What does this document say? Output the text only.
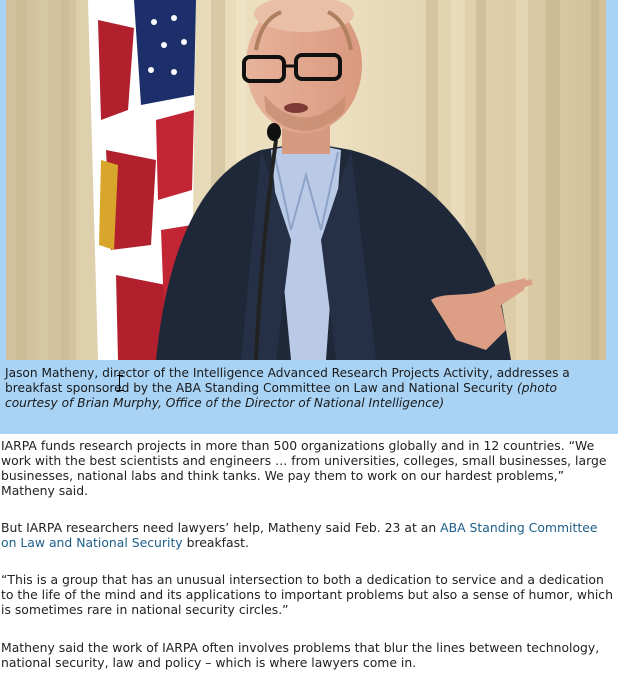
Jason Matheny, director of the Intelligence Advanced Research Projects Activity, addresses a breakfast sponsored by the ABA Standing Committee on Law and National Security (photo courtesy of Brian Murphy, Office of the Director of National Intelligence)

IARPA funds research projects in more than 500 organizations globally and in 12 countries. “We work with the best scientists and engineers … from universities, colleges, small businesses, large businesses, national labs and think tanks. We pay them to work on our hardest problems,” Matheny said.

But IARPA researchers need lawyers’ help, Matheny said Feb. 23 at an ABA Standing Committee on Law and National Security breakfast.

“This is a group that has an unusual intersection to both a dedication to service and a dedication to the life of the mind and its applications to important problems but also a sense of humor, which is sometimes rare in national security circles.”

Matheny said the work of IARPA often involves problems that blur the lines between technology, national security, law and policy – which is where lawyers come in.
